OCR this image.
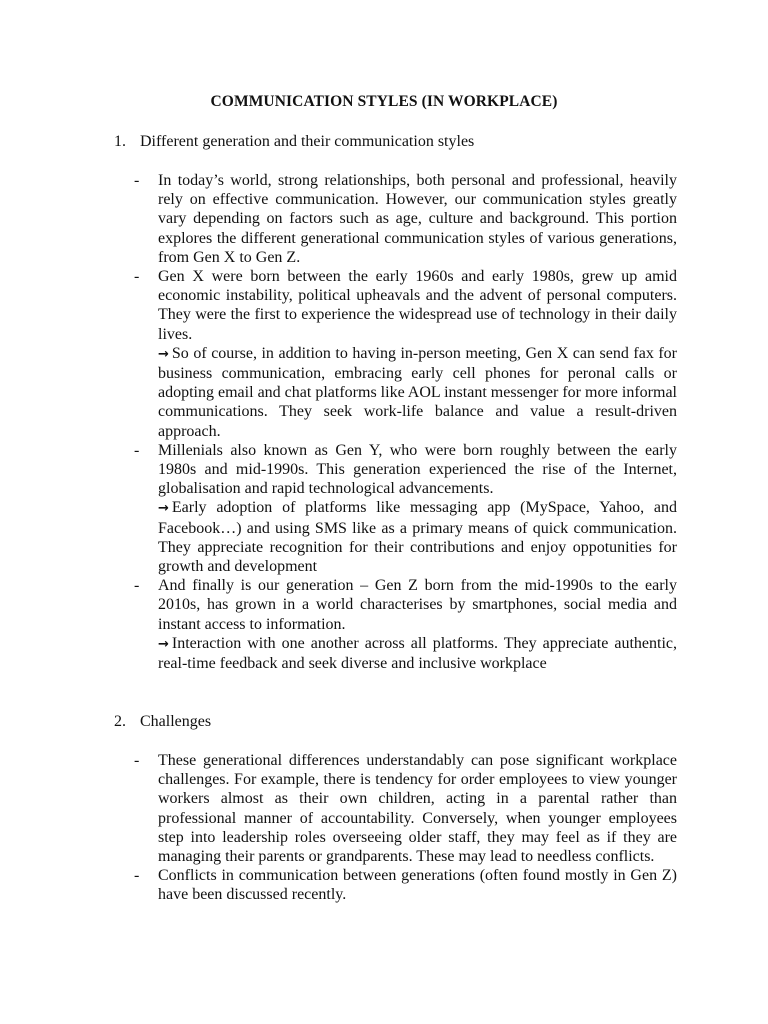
COMMUNICATION STYLES (IN WORKPLACE)
1. Different generation and their communication styles
- In today’s world, strong relationships, both personal and professional, heavily rely on effective communication. However, our communication styles greatly vary depending on factors such as age, culture and background. This portion explores the different generational communication styles of various generations, from Gen X to Gen Z.
- Gen X were born between the early 1960s and early 1980s, grew up amid economic instability, political upheavals and the advent of personal computers. They were the first to experience the widespread use of technology in their daily lives.
→ So of course, in addition to having in-person meeting, Gen X can send fax for business communication, embracing early cell phones for peronal calls or adopting email and chat platforms like AOL instant messenger for more informal communications. They seek work-life balance and value a result-driven approach.
- Millenials also known as Gen Y, who were born roughly between the early 1980s and mid-1990s. This generation experienced the rise of the Internet, globalisation and rapid technological advancements.
→ Early adoption of platforms like messaging app (MySpace, Yahoo, and Facebook…) and using SMS like as a primary means of quick communication. They appreciate recognition for their contributions and enjoy oppotunities for growth and development
- And finally is our generation – Gen Z born from the mid-1990s to the early 2010s, has grown in a world characterises by smartphones, social media and instant access to information.
→ Interaction with one another across all platforms. They appreciate authentic, real-time feedback and seek diverse and inclusive workplace
2. Challenges
- These generational differences understandably can pose significant workplace challenges. For example, there is tendency for order employees to view younger workers almost as their own children, acting in a parental rather than professional manner of accountability. Conversely, when younger employees step into leadership roles overseeing older staff, they may feel as if they are managing their parents or grandparents. These may lead to needless conflicts.
- Conflicts in communication between generations (often found mostly in Gen Z) have been discussed recently.
